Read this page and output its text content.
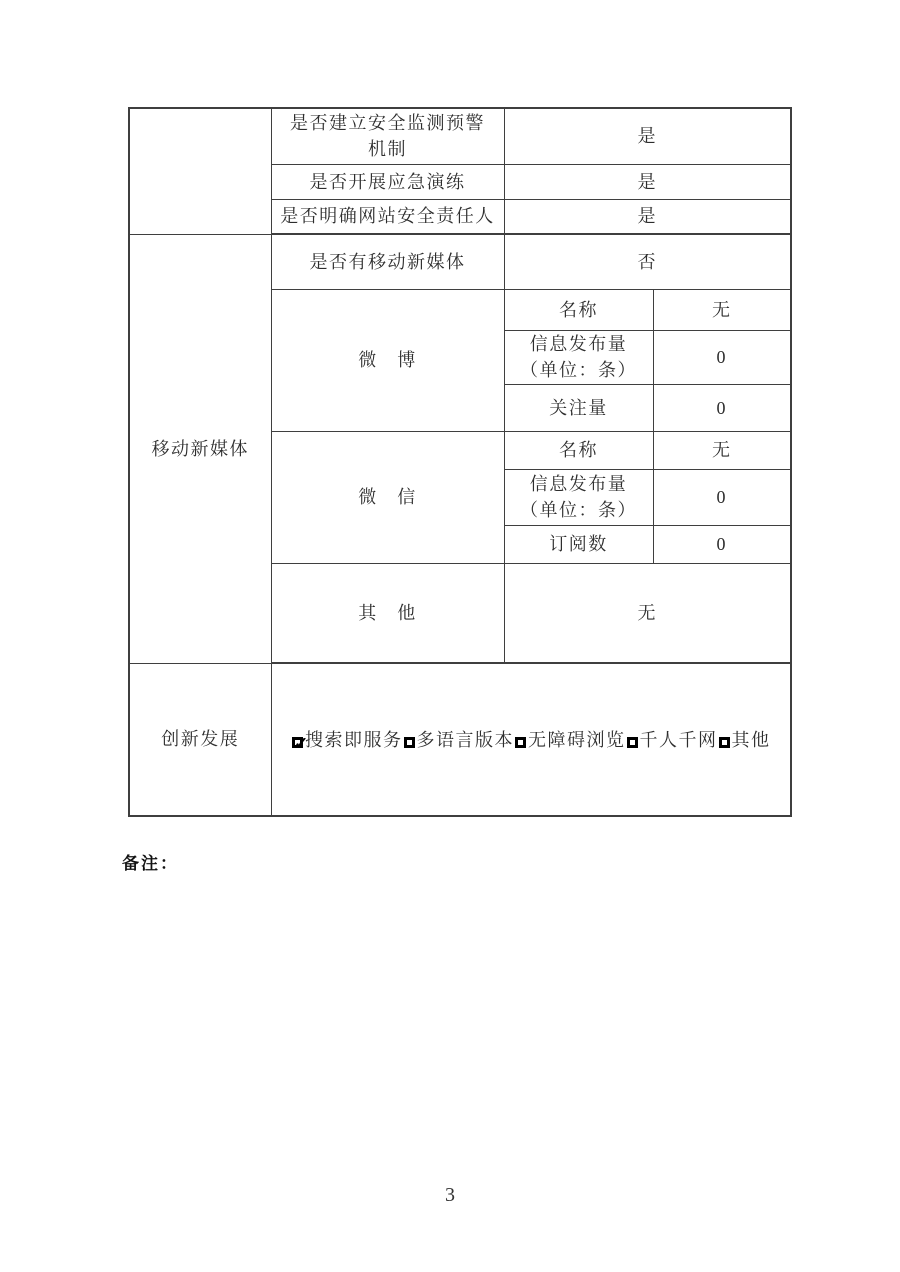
	是否建立安全监测预警
机制	是	
	是否开展应急演练	是	
	是否明确网站安全责任人	是	
移动新媒体	是否有移动新媒体	否	
	微　博	名称	无

		信息发布量
（单位：条）	0
		关注量	0
	微　信	名称	无

		信息发布量
（单位：条）	0
		订阅数	0
	其　他	无	
创新发展	✓搜索即服务 多语言版本 无障碍浏览 千人千网 其他
备注：
3
